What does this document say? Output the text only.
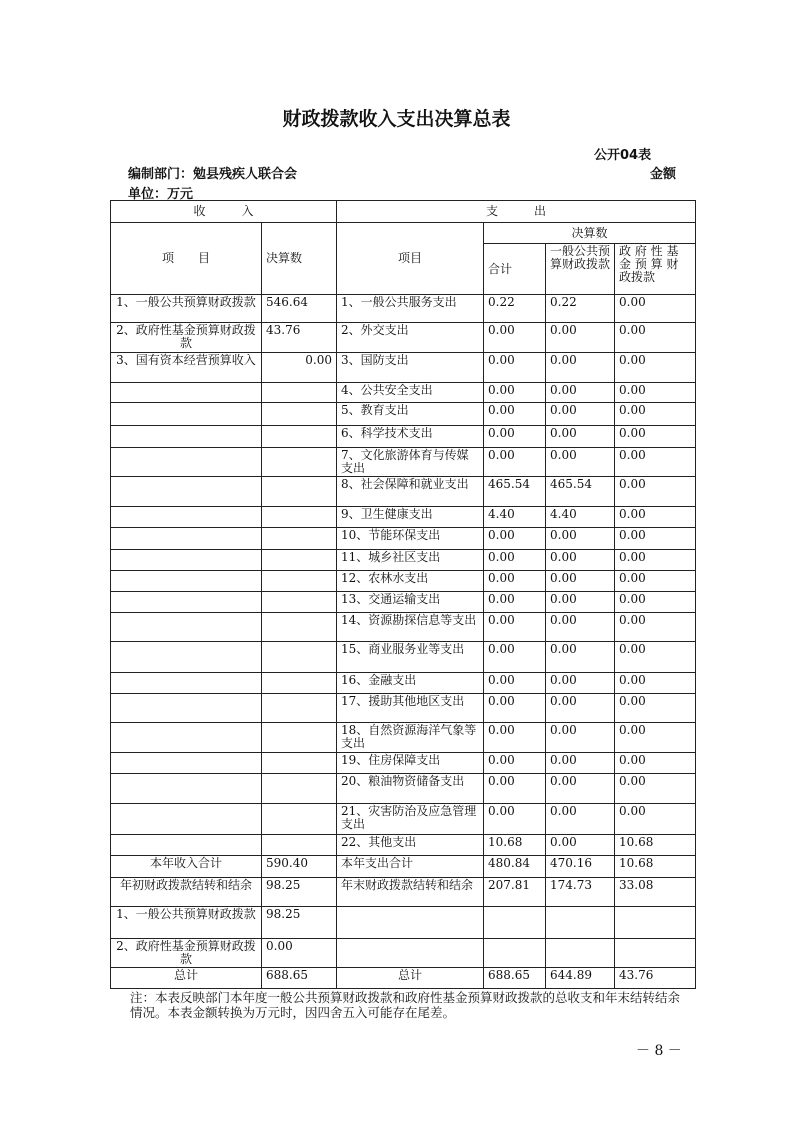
财政拨款收入支出决算总表
公开04表
编制部门：勉县残疾人联合会	金额
单位：万元
收　　　入		支　　　出			
项　　目	决算数	项目	决算数		
			合计	一般公共预算财政拨款	政 府 性 基 金 预 算 财 政拨款
1、一般公共预算财政拨款	546.64	1、一般公共服务支出	0.22	0.22	0.00
2、政府性基金预算财政拨款	43.76	2、外交支出	0.00	0.00	0.00
3、国有资本经营预算收入	0.00	3、国防支出	0.00	0.00	0.00
		4、公共安全支出	0.00	0.00	0.00
		5、教育支出	0.00	0.00	0.00
		6、科学技术支出	0.00	0.00	0.00
		7、文化旅游体育与传媒支出	0.00	0.00	0.00
		8、社会保障和就业支出	465.54	465.54	0.00
		9、卫生健康支出	4.40	4.40	0.00
		10、节能环保支出	0.00	0.00	0.00
		11、城乡社区支出	0.00	0.00	0.00
		12、农林水支出	0.00	0.00	0.00
		13、交通运输支出	0.00	0.00	0.00
		14、资源勘探信息等支出	0.00	0.00	0.00
		15、商业服务业等支出	0.00	0.00	0.00
		16、金融支出	0.00	0.00	0.00
		17、援助其他地区支出	0.00	0.00	0.00
		18、自然资源海洋气象等支出	0.00	0.00	0.00
		19、住房保障支出	0.00	0.00	0.00
		20、粮油物资储备支出	0.00	0.00	0.00
		21、灾害防治及应急管理支出	0.00	0.00	0.00
		22、其他支出	10.68	0.00	10.68
本年收入合计	590.40	本年支出合计	480.84	470.16	10.68
年初财政拨款结转和结余	98.25	年末财政拨款结转和结余	207.81	174.73	33.08
1、一般公共预算财政拨款	98.25				
2、政府性基金预算财政拨款	0.00				
总计	688.65	总计	688.65	644.89	43.76
注：本表反映部门本年度一般公共预算财政拨款和政府性基金预算财政拨款的总收支和年末结转结余情况。本表金额转换为万元时，因四舍五入可能存在尾差。
－ 8 －
